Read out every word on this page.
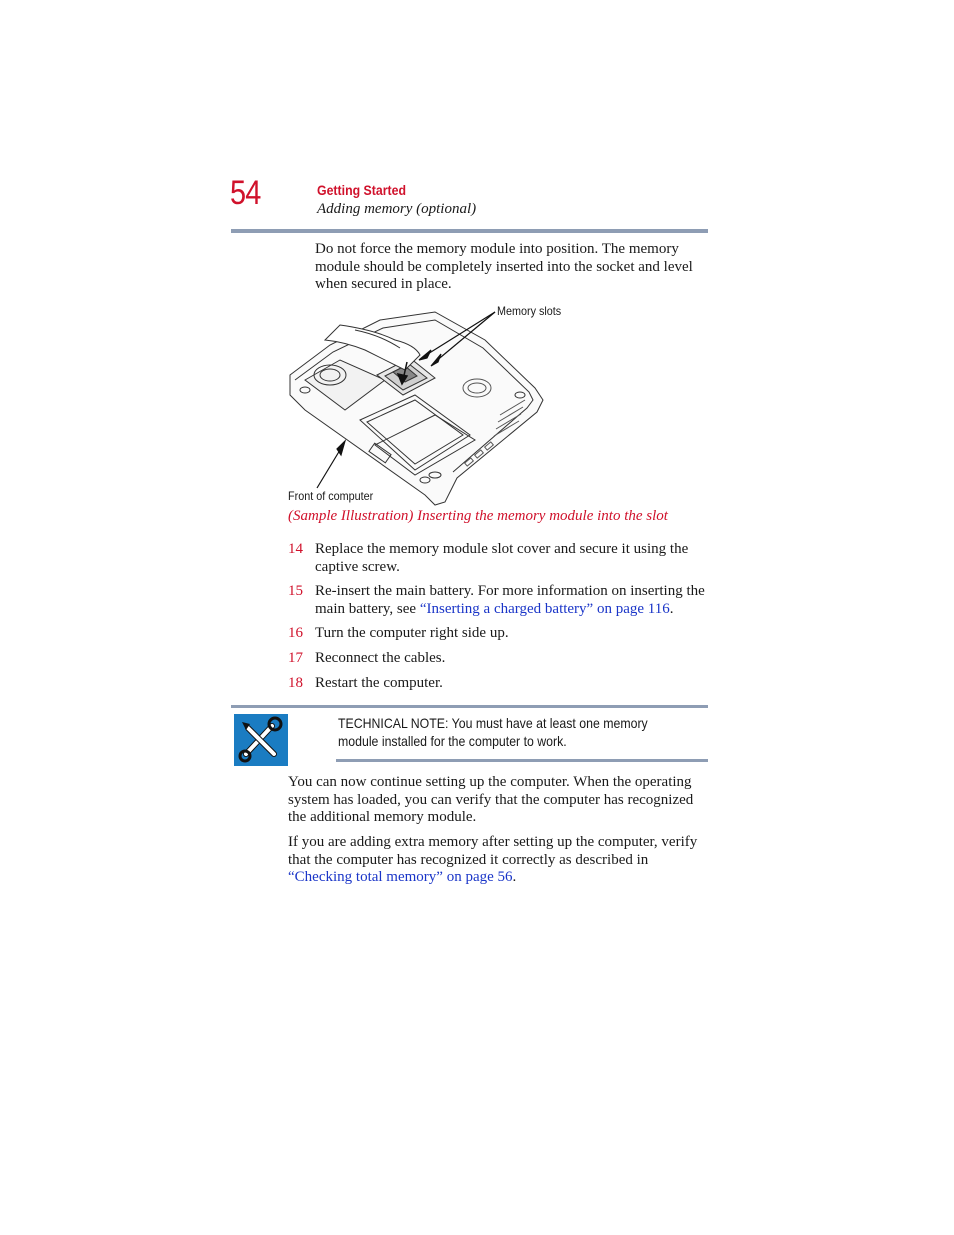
54	Getting Started
Adding memory (optional)
Do not force the memory module into position. The memory module should be completely inserted into the socket and level when secured in place.
Memory slots
Front of computer
(Sample Illustration) Inserting the memory module into the slot
14 Replace the memory module slot cover and secure it using the captive screw.
15 Re-insert the main battery. For more information on inserting the main battery, see “Inserting a charged battery” on page 116.
16 Turn the computer right side up.
17 Reconnect the cables.
18 Restart the computer.
TECHNICAL NOTE: You must have at least one memory module installed for the computer to work.
You can now continue setting up the computer. When the operating system has loaded, you can verify that the computer has recognized the additional memory module.
If you are adding extra memory after setting up the computer, verify that the computer has recognized it correctly as described in “Checking total memory” on page 56.
